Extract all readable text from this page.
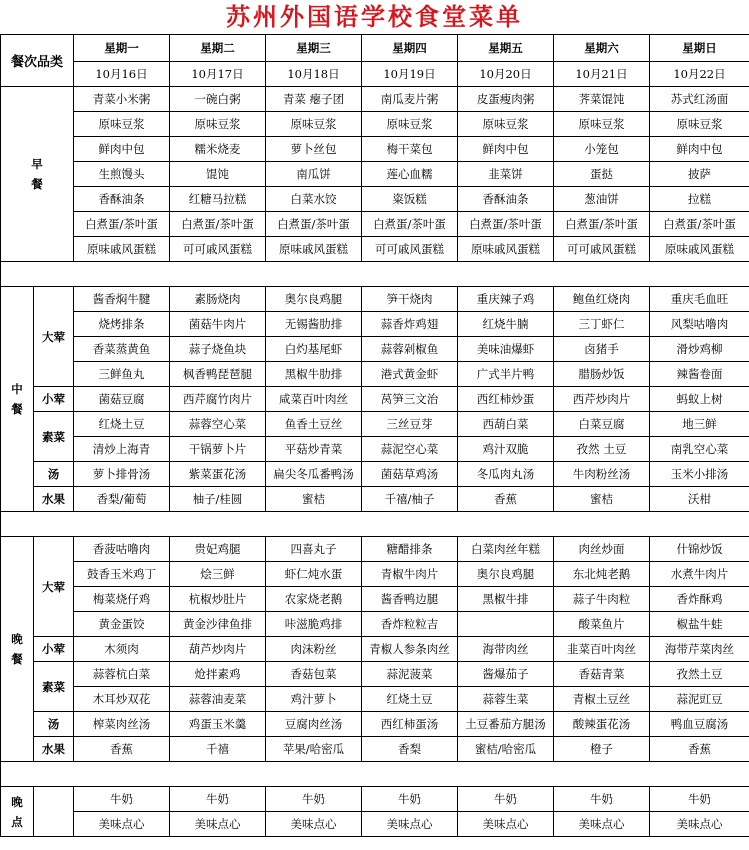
苏州外国语学校食堂菜单
餐次 品类		星期一	星期二	星期三	星期四	星期五	星期六	星期日
		10月16日	10月17日	10月18日	10月19日	10月20日	10月21日	10月22日

早
餐		青菜小米粥	一碗白粥	青菜 瘪子团	南瓜麦片粥	皮蛋瘦肉粥	荠菜馄饨	苏式红汤面
		原味豆浆	原味豆浆	原味豆浆	原味豆浆	原味豆浆	原味豆浆	原味豆浆
		鲜肉中包	糯米烧麦	萝卜丝包	梅干菜包	鲜肉中包	小笼包	鲜肉中包
		生煎馒头	馄饨	南瓜饼	莲心血糯	韭菜饼	蛋挞	披萨
		香酥油条	红糖马拉糕	白菜水饺	粢饭糕	香酥油条	葱油饼	拉糕
		白煮蛋/茶叶蛋	白煮蛋/茶叶蛋	白煮蛋/茶叶蛋	白煮蛋/茶叶蛋	白煮蛋/茶叶蛋	白煮蛋/茶叶蛋	白煮蛋/茶叶蛋
		原味戚风蛋糕	可可戚风蛋糕	原味戚风蛋糕	可可戚风蛋糕	原味戚风蛋糕	可可戚风蛋糕	原味戚风蛋糕

中
餐	大荤	酱香焖牛腱	素肠烧肉	奥尔良鸡腿	笋干烧肉	重庆辣子鸡	鲍鱼红烧肉	重庆毛血旺
		烧烤排条	菌菇牛肉片	无锡酱肋排	蒜香炸鸡翅	红烧牛腩	三丁虾仁	风梨咕噜肉
		香菜蒸黄鱼	蒜子烧鱼块	白灼基尾虾	蒜蓉剁椒鱼	美味油爆虾	卤猪手	滑炒鸡柳
		三鲜鱼丸	枫香鸭琵琶腿	黑椒牛肋排	港式黄金虾	广式半片鸭	腊肠炒饭	辣酱卷面
	小荤	菌菇豆腐	西芹腐竹肉片	咸菜百叶肉丝	莴笋三文治	西红柿炒蛋	西芹炒肉片	蚂蚁上树
	素菜	红烧土豆	蒜蓉空心菜	鱼香土豆丝	三丝豆芽	西葫白菜	白菜豆腐	地三鲜
		清炒上海青	干锅萝卜片	平菇炒青菜	蒜泥空心菜	鸡汁双脆	孜然 土豆	南乳空心菜
	汤	萝卜排骨汤	紫菜蛋花汤	扁尖冬瓜番鸭汤	菌菇草鸡汤	冬瓜肉丸汤	牛肉粉丝汤	玉米小排汤
	水果	香梨/葡萄	柚子/桂圆	蜜桔	千禧/柚子	香蕉	蜜桔	沃柑

晚
餐	大荤	香菠咕噜肉	贵妃鸡腿	四喜丸子	糖醋排条	白菜肉丝年糕	肉丝炒面	什锦炒饭
		鼓香玉米鸡丁	烩三鲜	虾仁炖水蛋	青椒牛肉片	奥尔良鸡腿	东北炖老鹅	水煮牛肉片
		梅菜烧仔鸡	杭椒炒肚片	农家烧老鹅	酱香鸭边腿	黑椒牛排	蒜子牛肉粒	香炸酥鸡
		黄金蛋饺	黄金沙律鱼排	咔滋脆鸡排	香炸粒粒吉		酸菜鱼片	椒盐牛蛙
	小荤	木须肉	葫芦炒肉片	肉沫粉丝	青椒人参条肉丝	海带肉丝	韭菜百叶肉丝	海带芹菜肉丝
	素菜	蒜蓉杭白菜	炝拌素鸡	香菇包菜	蒜泥菠菜	酱爆茄子	香菇青菜	孜然土豆
		木耳炒双花	蒜蓉油麦菜	鸡汁萝卜	红烧土豆	蒜蓉生菜	青椒土豆丝	蒜泥豇豆
	汤	榨菜肉丝汤	鸡蛋玉米羹	豆腐肉丝汤	西红柿蛋汤	土豆番茄方腿汤	酸辣蛋花汤	鸭血豆腐汤
	水果	香蕉	千禧	苹果/哈密瓜	香梨	蜜桔/哈密瓜	橙子	香蕉

晚
点		牛奶	牛奶	牛奶	牛奶	牛奶	牛奶	牛奶
		美味点心	美味点心	美味点心	美味点心	美味点心	美味点心	美味点心
